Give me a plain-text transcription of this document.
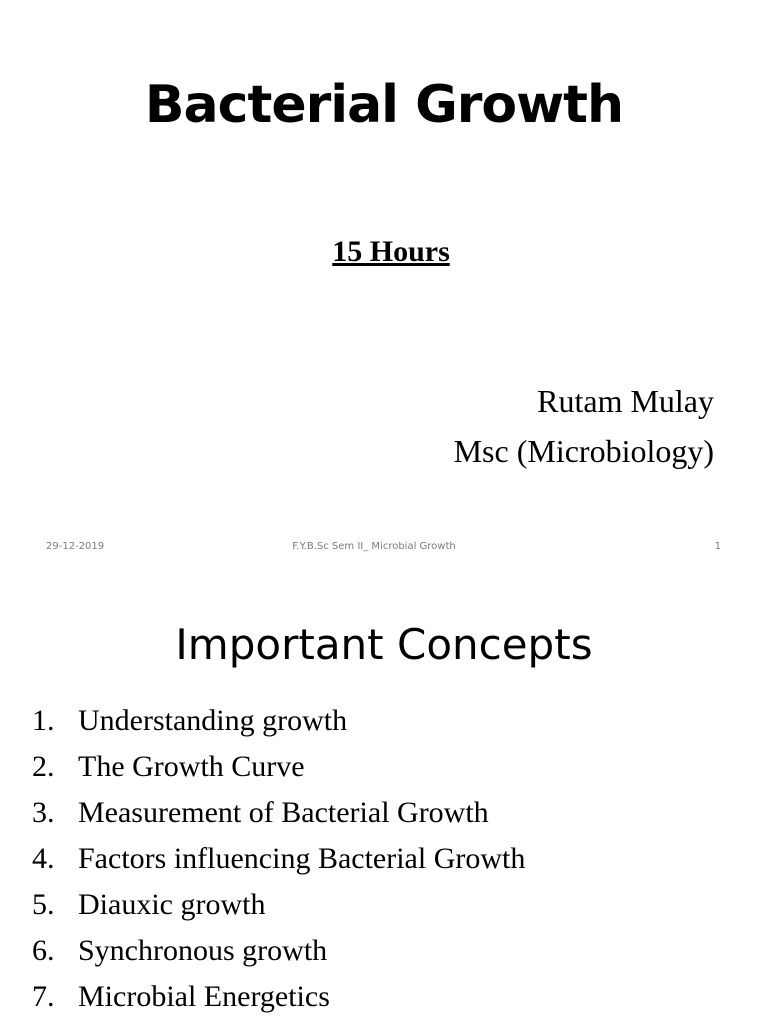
Bacterial Growth
15 Hours
Rutam Mulay
Msc (Microbiology)
29-12-2019	F.Y.B.Sc Sem II_ Microbial Growth	1
Important Concepts
1. Understanding growth
2. The Growth Curve
3. Measurement of Bacterial Growth
4. Factors influencing Bacterial Growth
5. Diauxic growth
6. Synchronous growth
7. Microbial Energetics
